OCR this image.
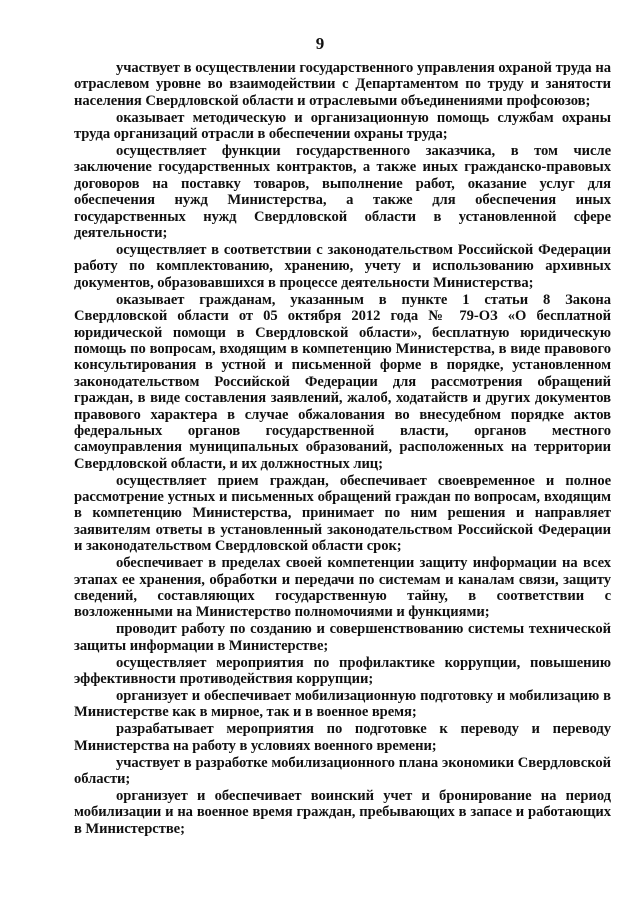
9

участвует в осуществлении государственного управления охраной труда на отраслевом уровне во взаимодействии с Департаментом по труду и занятости населения Свердловской области и отраслевыми объединениями профсоюзов;

оказывает методическую и организационную помощь службам охраны труда организаций отрасли в обеспечении охраны труда;

осуществляет функции государственного заказчика, в том числе заключение государственных контрактов, а также иных гражданско-правовых договоров на поставку товаров, выполнение работ, оказание услуг для обеспечения нужд Министерства, а также для обеспечения иных государственных нужд Свердловской области в установленной сфере деятельности;

осуществляет в соответствии с законодательством Российской Федерации работу по комплектованию, хранению, учету и использованию архивных документов, образовавшихся в процессе деятельности Министерства;

оказывает гражданам, указанным в пункте 1 статьи 8 Закона Свердловской области от 05 октября 2012 года № 79-ОЗ «О бесплатной юридической помощи в Свердловской области», бесплатную юридическую помощь по вопросам, входящим в компетенцию Министерства, в виде правового консультирования в устной и письменной форме в порядке, установленном законодательством Российской Федерации для рассмотрения обращений граждан, в виде составления заявлений, жалоб, ходатайств и других документов правового характера в случае обжалования во внесудебном порядке актов федеральных органов государственной власти, органов местного самоуправления муниципальных образований, расположенных на территории Свердловской области, и их должностных лиц;

осуществляет прием граждан, обеспечивает своевременное и полное рассмотрение устных и письменных обращений граждан по вопросам, входящим в компетенцию Министерства, принимает по ним решения и направляет заявителям ответы в установленный законодательством Российской Федерации и законодательством Свердловской области срок;

обеспечивает в пределах своей компетенции защиту информации на всех этапах ее хранения, обработки и передачи по системам и каналам связи, защиту сведений, составляющих государственную тайну, в соответствии с возложенными на Министерство полномочиями и функциями;

проводит работу по созданию и совершенствованию системы технической защиты информации в Министерстве;

осуществляет мероприятия по профилактике коррупции, повышению эффективности противодействия коррупции;

организует и обеспечивает мобилизационную подготовку и мобилизацию в Министерстве как в мирное, так и в военное время;

разрабатывает мероприятия по подготовке к переводу и переводу Министерства на работу в условиях военного времени;

участвует в разработке мобилизационного плана экономики Свердловской области;

организует и обеспечивает воинский учет и бронирование на период мобилизации и на военное время граждан, пребывающих в запасе и работающих в Министерстве;
